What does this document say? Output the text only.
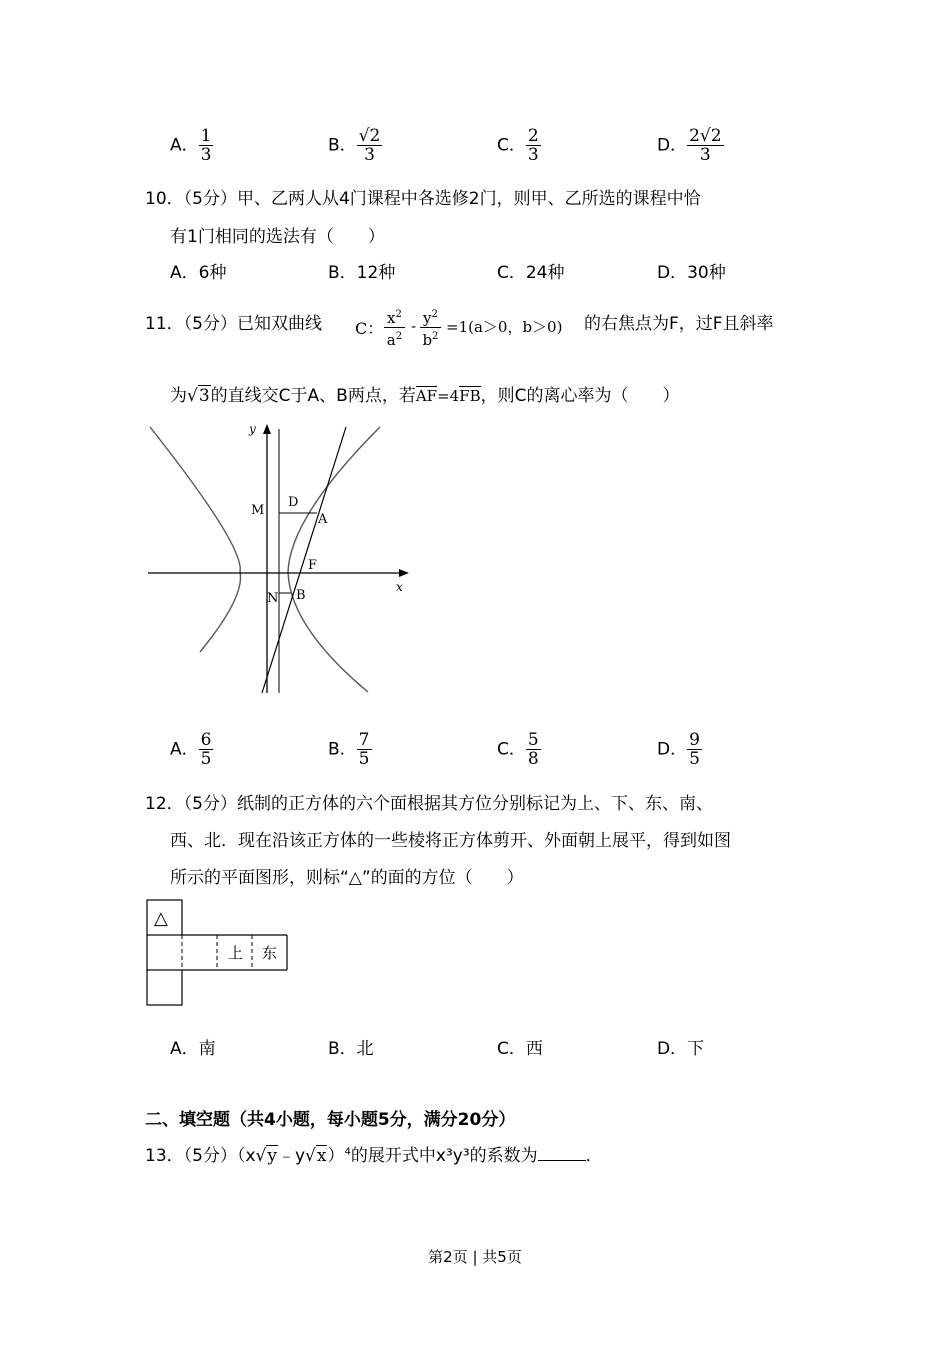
A． $\frac{1}{3}$	B． $\frac{√2}{3}$	C． $\frac{2}{3}$	D． $\frac{2√2}{3}$
10．（5分）甲、乙两人从4门课程中各选修2门，则甲、乙所选的课程中恰
有1门相同的选法有（　　）
A．6种	B．12种	C．24种	D．30种
11．（5分）已知双曲线 C：
$x^2$
$a^2$
- $y^2$
$b^2$
=1(a＞0，b＞0) 的右焦点为F，过F且斜率
为√3的直线交C于A、B两点，若AF=4FB，则C的离心率为（　　）
M
D
A
F
N B
y
x
A． $\frac{6}{5}$	B． $\frac{7}{5}$	C． $\frac{5}{8}$	D． $\frac{9}{5}$
12．（5分）纸制的正方体的六个面根据其方位分别标记为上、下、东、南、
西、北．现在沿该正方体的一些棱将正方体剪开、外面朝上展平，得到如图
所示的平面图形，则标“△”的面的方位（　　）
△
上 东
A．南	B．北	C．西	D．下
二、填空题（共4小题，每小题5分，满分20分）
13．（5分）（x√y﹣y√x）$^4$的展开式中x³y³的系数为	．
第2页 | 共5页
